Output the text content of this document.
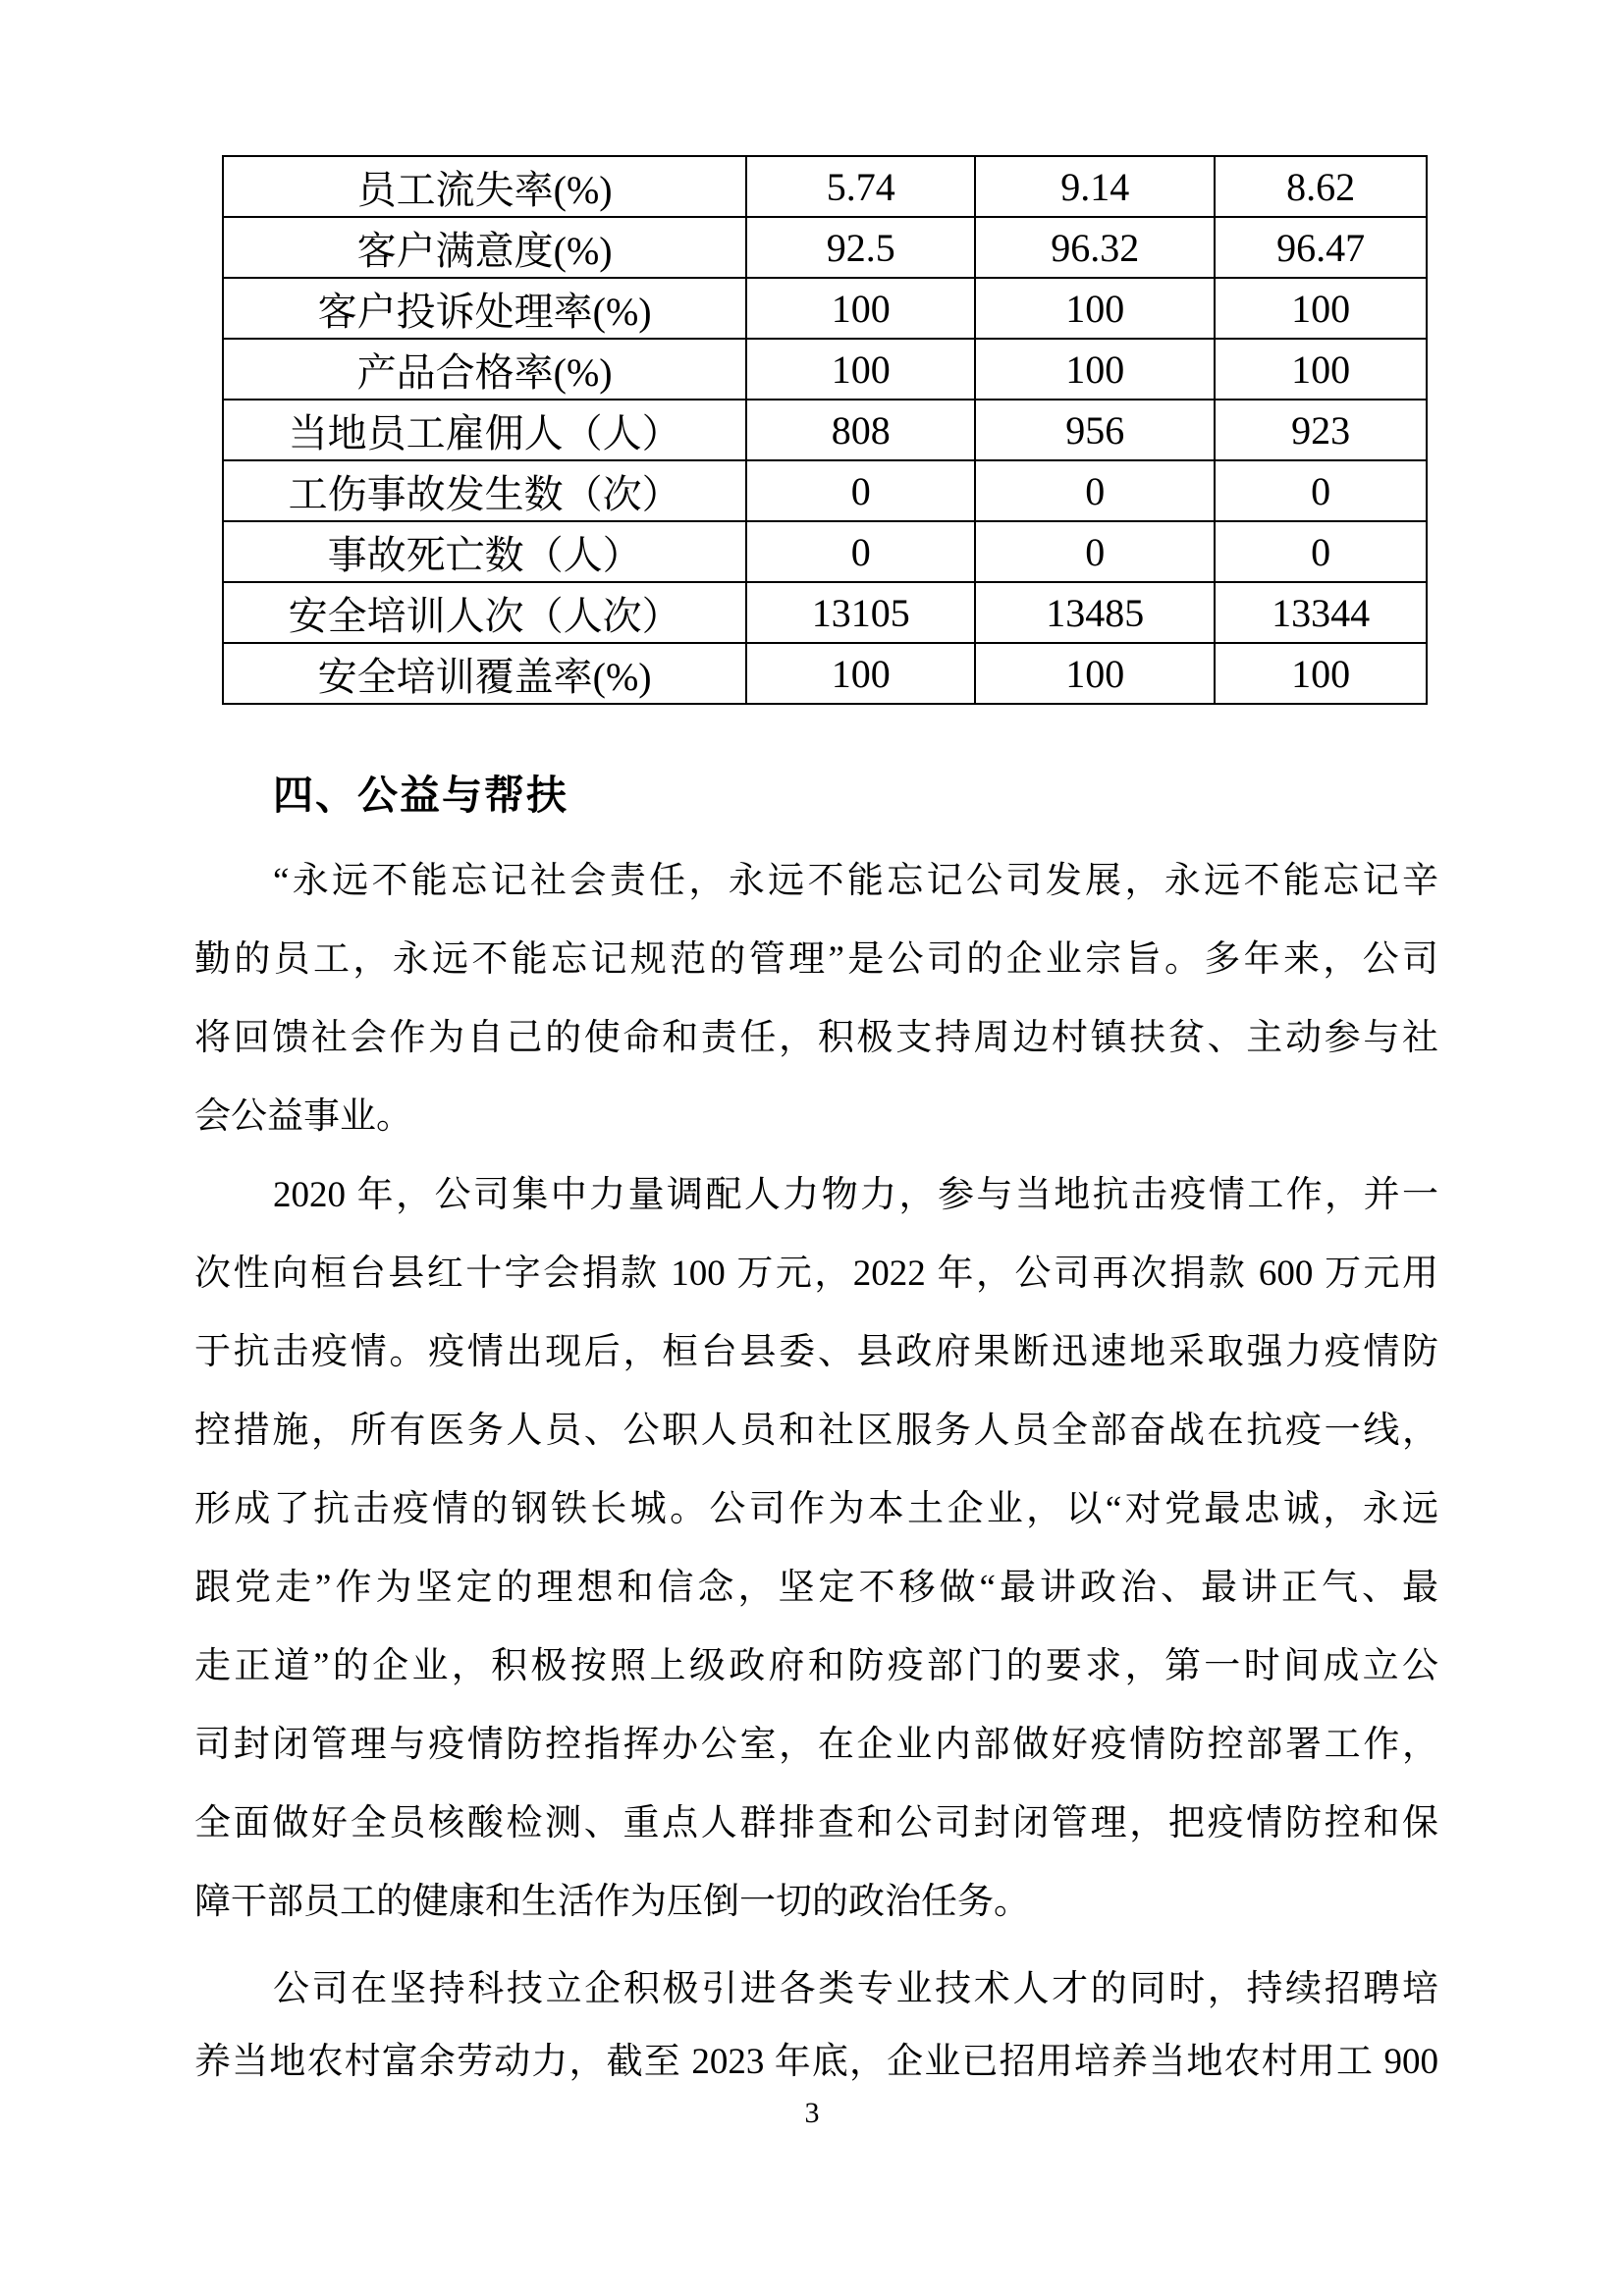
员工流失率(%)	5.74	9.14	8.62
客户满意度(%)	92.5	96.32	96.47
客户投诉处理率(%)	100	100	100
产品合格率(%)	100	100	100
当地员工雇佣人（人）	808	956	923
工伤事故发生数（次）	0	0	0
事故死亡数（人）	0	0	0
安全培训人次（人次）	13105	13485	13344
安全培训覆盖率(%)	100	100	100
四、公益与帮扶
“永远不能忘记社会责任，永远不能忘记公司发展，永远不能忘记辛
勤的员工，永远不能忘记规范的管理”是公司的企业宗旨。多年来，公司
将回馈社会作为自己的使命和责任，积极支持周边村镇扶贫、主动参与社
会公益事业。
2020 年，公司集中力量调配人力物力，参与当地抗击疫情工作，并一
次性向桓台县红十字会捐款 100 万元，2022 年，公司再次捐款 600 万元用
于抗击疫情。疫情出现后，桓台县委、县政府果断迅速地采取强力疫情防
控措施，所有医务人员、公职人员和社区服务人员全部奋战在抗疫一线，
形成了抗击疫情的钢铁长城。公司作为本土企业，以“对党最忠诚，永远
跟党走”作为坚定的理想和信念，坚定不移做“最讲政治、最讲正气、最
走正道”的企业，积极按照上级政府和防疫部门的要求，第一时间成立公
司封闭管理与疫情防控指挥办公室，在企业内部做好疫情防控部署工作，
全面做好全员核酸检测、重点人群排查和公司封闭管理，把疫情防控和保
障干部员工的健康和生活作为压倒一切的政治任务。
公司在坚持科技立企积极引进各类专业技术人才的同时，持续招聘培
养当地农村富余劳动力，截至 2023 年底，企业已招用培养当地农村用工 900
3
